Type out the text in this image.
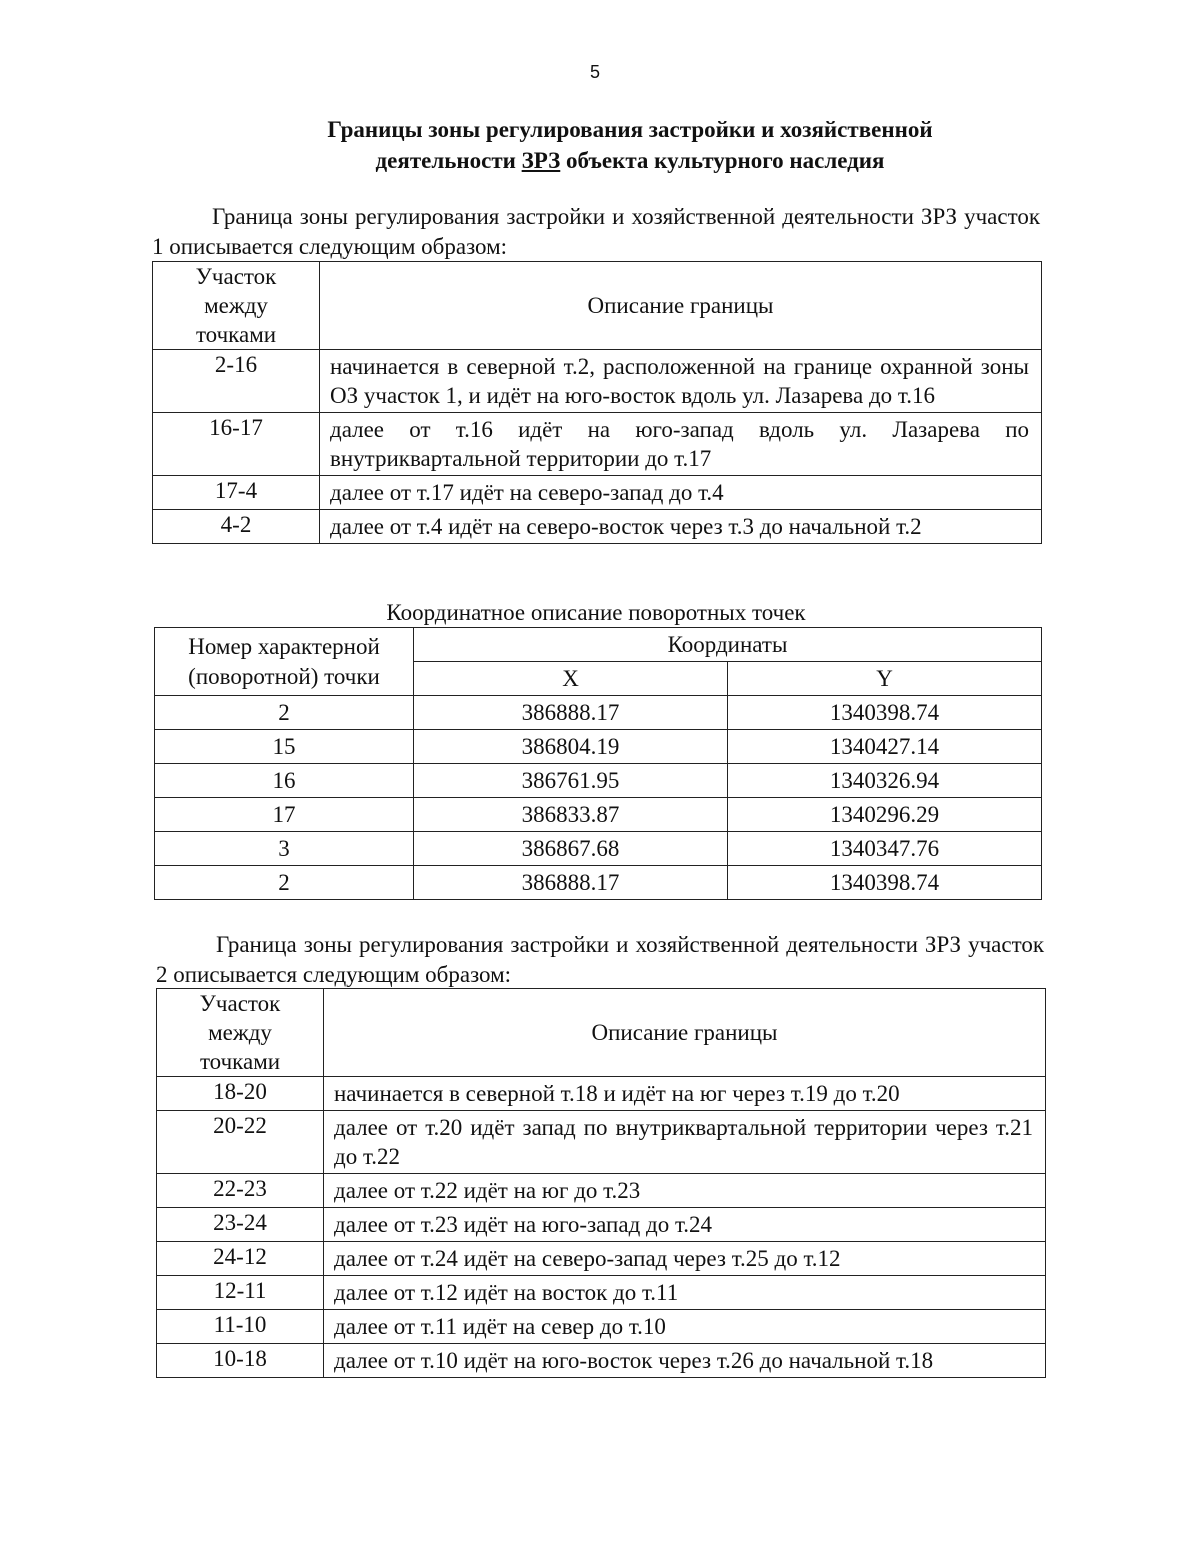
5
Границы зоны регулирования застройки и хозяйственной
деятельности ЗРЗ объекта культурного наследия
Граница зоны регулирования застройки и хозяйственной деятельности ЗРЗ участок 1 описывается следующим образом:
Участок
между
точками	Описание границы
2-16	начинается в северной т.2, расположенной на границе охранной зоны ОЗ участок 1, и идёт на юго-восток вдоль ул. Лазарева до т.16
16-17	далее от т.16 идёт на юго-запад вдоль ул. Лазарева по внутриквартальной территории до т.17
17-4	далее от т.17 идёт на северо-запад до т.4
4-2	далее от т.4 идёт на северо-восток через т.3 до начальной т.2
Координатное описание поворотных точек
Номер характерной
(поворотной) точки	Координаты	
	X	Y
2	386888.17	1340398.74
15	386804.19	1340427.14
16	386761.95	1340326.94
17	386833.87	1340296.29
3	386867.68	1340347.76
2	386888.17	1340398.74
Граница зоны регулирования застройки и хозяйственной деятельности ЗРЗ участок 2 описывается следующим образом:
Участок
между
точками	Описание границы
18-20	начинается в северной т.18 и идёт на юг через т.19 до т.20
20-22	далее от т.20 идёт запад по внутриквартальной территории через т.21 до т.22
22-23	далее от т.22 идёт на юг до т.23
23-24	далее от т.23 идёт на юго-запад до т.24
24-12	далее от т.24 идёт на северо-запад через т.25 до т.12
12-11	далее от т.12 идёт на восток до т.11
11-10	далее от т.11 идёт на север до т.10
10-18	далее от т.10 идёт на юго-восток через т.26 до начальной т.18
